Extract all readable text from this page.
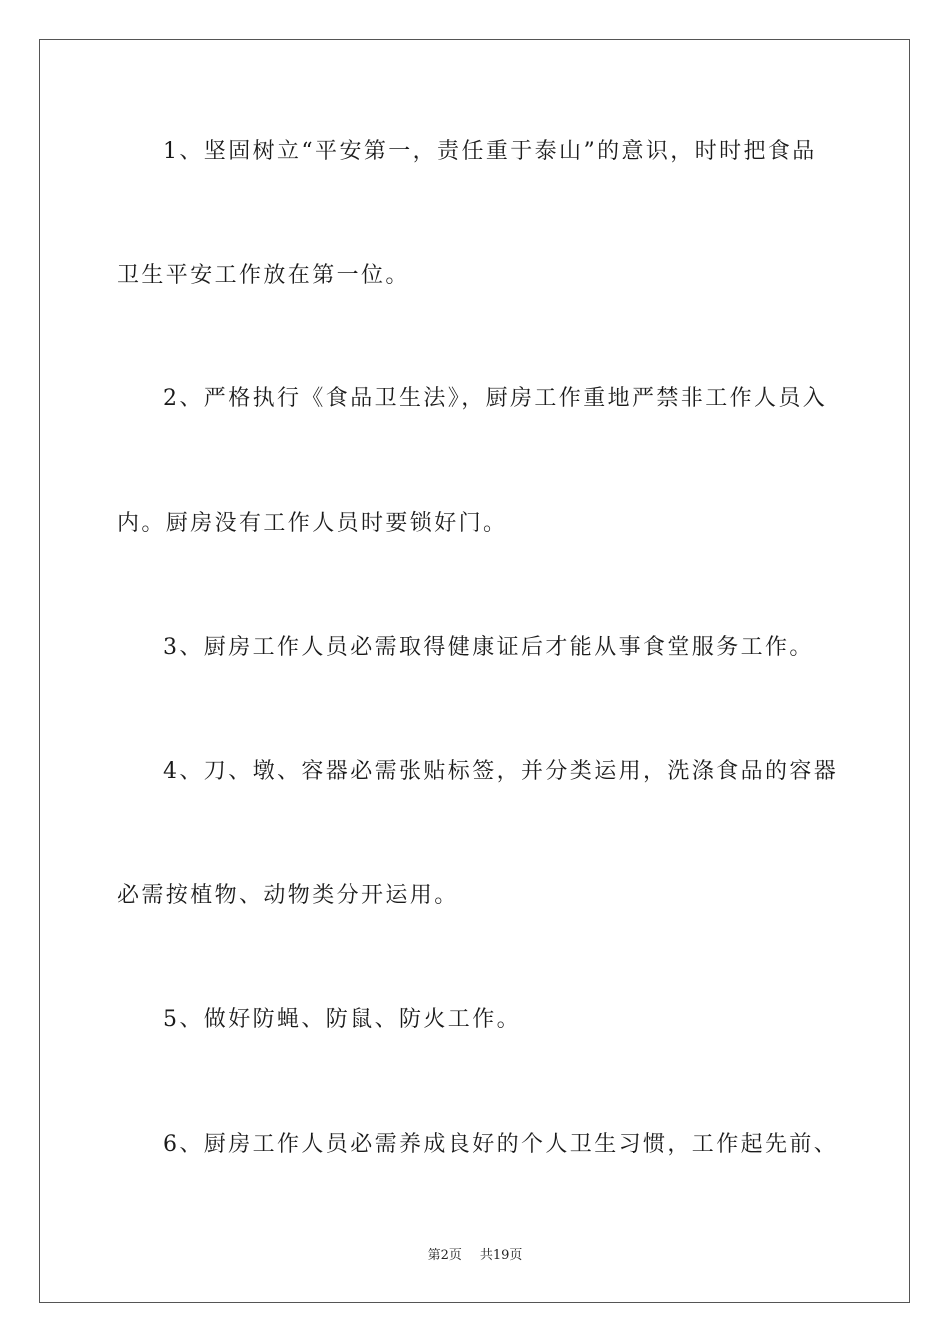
1、坚固树立“平安第一，责任重于泰山”的意识，时时把食品
卫生平安工作放在第一位。
2、严格执行《食品卫生法》，厨房工作重地严禁非工作人员入
内。厨房没有工作人员时要锁好门。
3、厨房工作人员必需取得健康证后才能从事食堂服务工作。
4、刀、墩、容器必需张贴标签，并分类运用，洗涤食品的容器
必需按植物、动物类分开运用。
5、做好防蝇、防鼠、防火工作。
6、厨房工作人员必需养成良好的个人卫生习惯，工作起先前、
第2页 共19页
